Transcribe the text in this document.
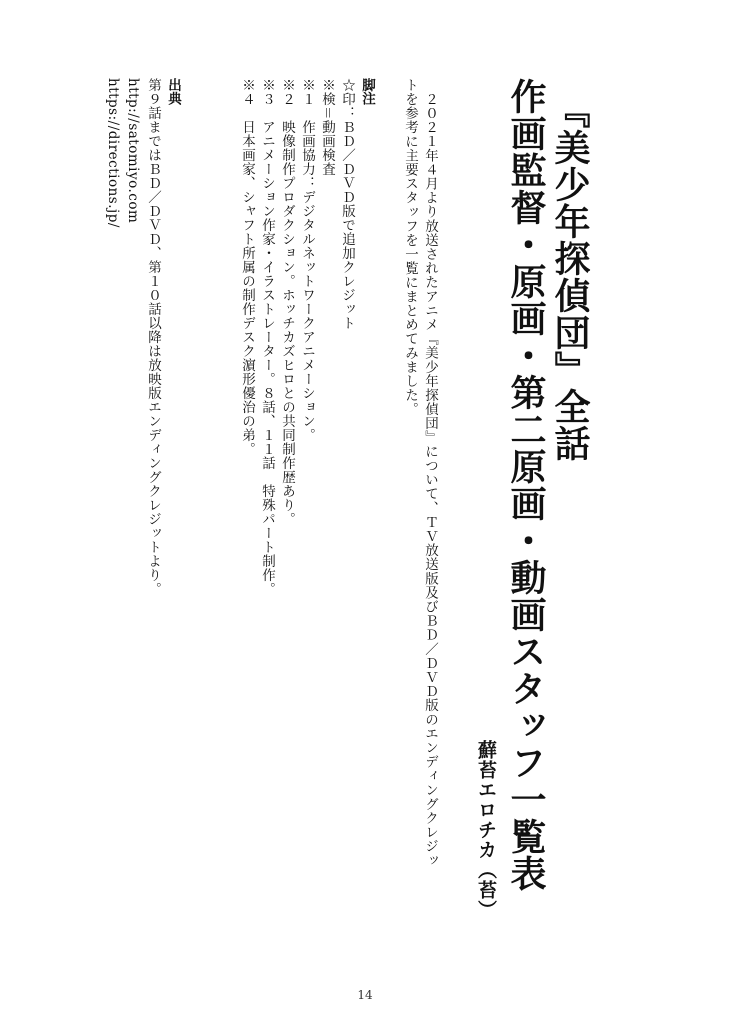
『美少年探偵団』全話
作画監督・原画・第二原画・動画スタッフ一覧表
蘚苔エロチカ（苔）
２０２１年４月より放送されたアニメ『美少年探偵団』について、ＴＶ放送版及びＢＤ／ＤＶＤ版のエンディングクレジッ
トを参考に主要スタッフを一覧にまとめてみました。
脚注
☆印：ＢＤ／ＤＶＤ版で追加クレジット
※検＝動画検査
※１　作画協力：デジタルネットワークアニメーション。
※２　映像制作プロダクション。ホッチカズヒロとの共同制作歴あり。
※３　アニメーション作家・イラストレーター。８話、１１話　特殊パート制作。
※４　日本画家、シャフト所属の制作デスク濵形優治の弟。
出典
第９話まではＢＤ／ＤＶＤ、第１０話以降は放映版エンディングクレジットより。
http://satomiyo.com
https://directions.jp/
14
